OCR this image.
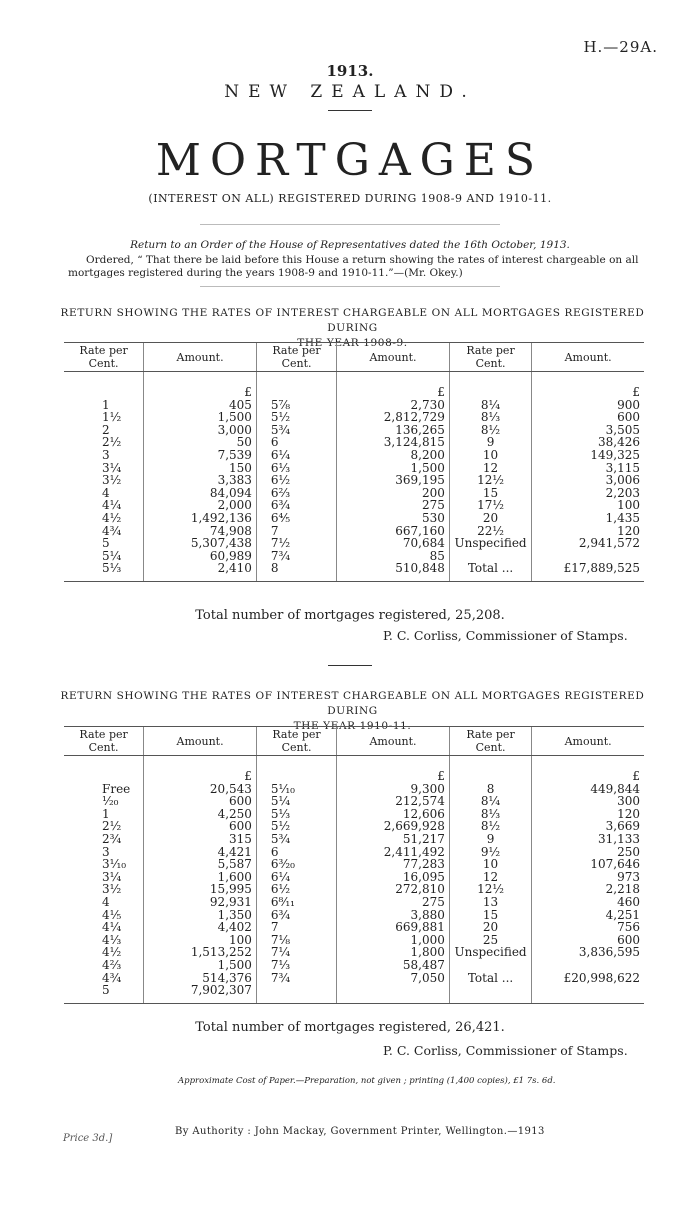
H.—29A.
1913.
NEW ZEALAND.
MORTGAGES
(INTEREST ON ALL) REGISTERED DURING 1908-9 AND 1910-11.
Return to an Order of the House of Representatives dated the 16th October, 1913.
Ordered, “ That there be laid before this House a return showing the rates of interest chargeable on all mortgages registered during the years 1908-9 and 1910-11.”—(Mr. Okey.)
RETURN SHOWING THE RATES OF INTEREST CHARGEABLE ON ALL MORTGAGES REGISTERED DURING
THE YEAR 1908-9.
Rate per Cent.	Amount.	Rate per Cent.	Amount.	Rate per Cent.	Amount.

	£		£		£
1	405	5⅞	2,730	8¼	900
1½	1,500	5½	2,812,729	8⅓	600
2	3,000	5¾	136,265	8½	3,505
2½	50	6	3,124,815	9	38,426
3	7,539	6¼	8,200	10	149,325
3¼	150	6⅓	1,500	12	3,115
3½	3,383	6½	369,195	12½	3,006
4	84,094	6⅔	200	15	2,203
4¼	2,000	6¾	275	17½	100
4½	1,492,136	6⅘	530	20	1,435
4¾	74,908	7	667,160	22½	120
5	5,307,438	7½	70,684	Unspecified	2,941,572
5¼	60,989	7¾	85		
5⅓	2,410	8	510,848	Total ...	£17,889,525
Total number of mortgages registered, 25,208.
P. C. Corliss, Commissioner of Stamps.
RETURN SHOWING THE RATES OF INTEREST CHARGEABLE ON ALL MORTGAGES REGISTERED DURING
THE YEAR 1910-11.
Rate per Cent.	Amount.	Rate per Cent.	Amount.	Rate per Cent.	Amount.

	£		£		£
Free	20,543	5¹⁄₁₀	9,300	8	449,844
¹⁄₂₀	600	5¼	212,574	8¼	300
1	4,250	5⅓	12,606	8⅓	120
2½	600	5½	2,669,928	8½	3,669
2¾	315	5¾	51,217	9	31,133
3	4,421	6	2,411,492	9½	250
3¹⁄₁₀	5,587	6³⁄₂₀	77,283	10	107,646
3¼	1,600	6¼	16,095	12	973
3½	15,995	6½	272,810	12½	2,218
4	92,931	6⁸⁄₁₁	275	13	460
4⅕	1,350	6¾	3,880	15	4,251
4¼	4,402	7	669,881	20	756
4⅓	100	7⅛	1,000	25	600
4½	1,513,252	7¼	1,800	Unspecified	3,836,595
4⅔	1,500	7⅓	58,487		
4¾	514,376	7¾	7,050	Total ...	£20,998,622
5	7,902,307				
Total number of mortgages registered, 26,421.
P. C. Corliss, Commissioner of Stamps.
Approximate Cost of Paper.—Preparation, not given ; printing (1,400 copies), £1 7s. 6d.
By Authority : John Mackay, Government Printer, Wellington.—1913
Price 3d.]
